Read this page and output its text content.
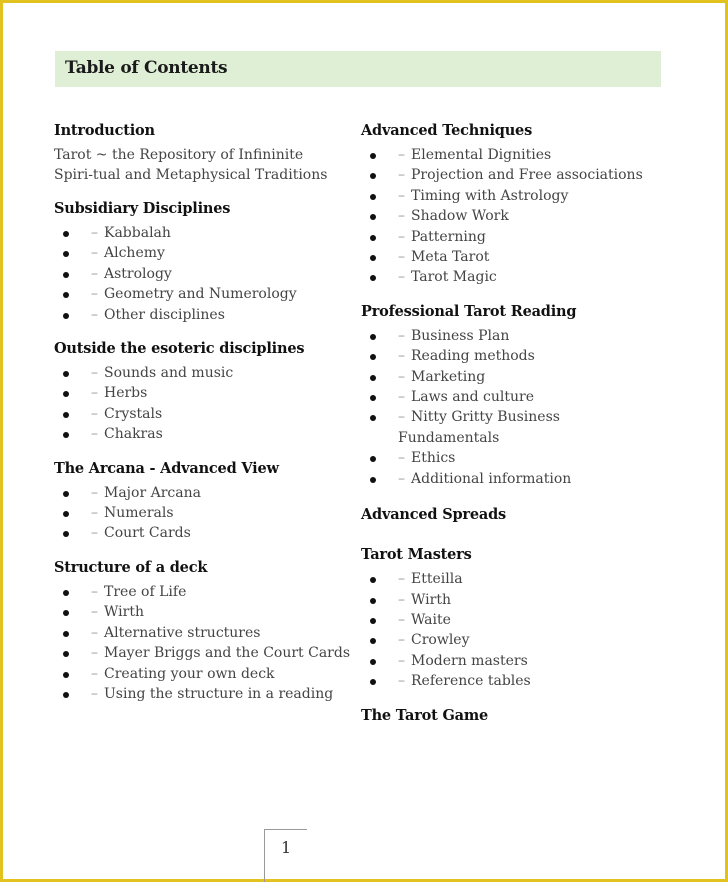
Table of Contents
Introduction
Tarot ~ the Repository of Infininite Spiri-tual and Metaphysical Traditions
Subsidiary Disciplines
– Kabbalah
– Alchemy
– Astrology
– Geometry and Numerology
– Other disciplines
Outside the esoteric disciplines
– Sounds and music
– Herbs
– Crystals
– Chakras
The Arcana - Advanced View
– Major Arcana
– Numerals
– Court Cards
Structure of a deck
– Tree of Life
– Wirth
– Alternative structures
– Mayer Briggs and the Court Cards
– Creating your own deck
– Using the structure in a reading
Advanced Techniques
– Elemental Dignities
– Projection and Free associations
– Timing with Astrology
– Shadow Work
– Patterning
– Meta Tarot
– Tarot Magic
Professional Tarot Reading
– Business Plan
– Reading methods
– Marketing
– Laws and culture
– Nitty Gritty Business Fundamentals
– Ethics
– Additional information
Advanced Spreads
Tarot Masters
– Etteilla
– Wirth
– Waite
– Crowley
– Modern masters
– Reference tables
The Tarot Game
1
